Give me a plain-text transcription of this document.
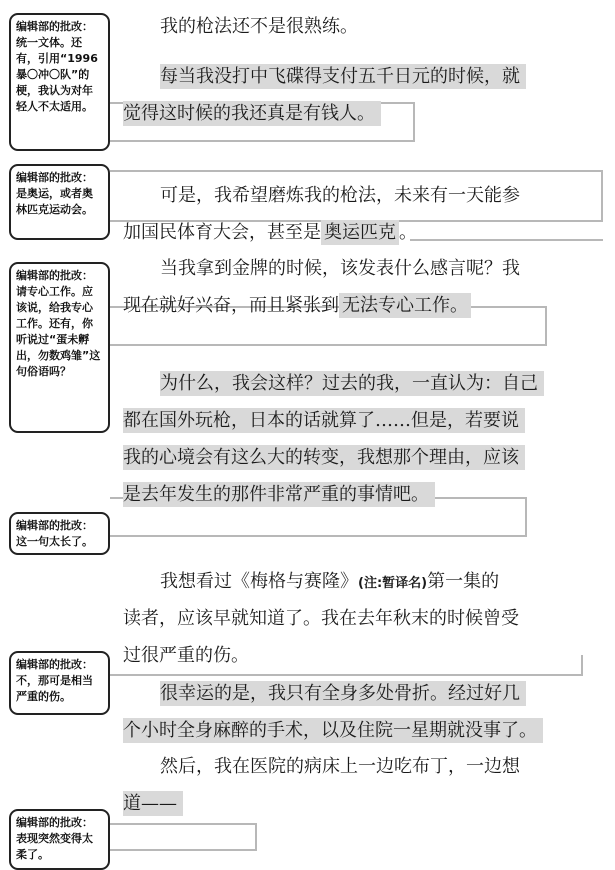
编辑部的批改：
统一文体。还有，引用“1996暴〇冲〇队”的梗，我认为对年轻人不太适用。
编辑部的批改：
是奥运，或者奥林匹克运动会。
编辑部的批改：
请专心工作。应该说，给我专心工作。还有，你听说过“蛋未孵出，勿数鸡雏”这句俗语吗？
编辑部的批改：
这一句太长了。
编辑部的批改：
不，那可是相当严重的伤。
编辑部的批改：
表现突然变得太柔了。
我的枪法还不是很熟练。
每当我没打中飞碟得支付五千日元的时候，就
觉得这时候的我还真是有钱人。
可是，我希望磨炼我的枪法，未来有一天能参
加国民体育大会，甚至是 奥运匹克 。
当我拿到金牌的时候，该发表什么感言呢？我
现在就好兴奋，而且紧张到 无法专心工作。
为什么，我会这样？过去的我，一直认为：自己
都在国外玩枪，日本的话就算了……但是，若要说
我的心境会有这么大的转变，我想那个理由，应该
是去年发生的那件非常严重的事情吧。
我想看过《梅格与赛隆》(注:暂译名)第一集的
读者，应该早就知道了。我在去年秋末的时候曾受
过很严重的伤。
很幸运的是，我只有全身多处骨折。经过好几
个小时全身麻醉的手术，以及住院一星期就没事了。
然后，我在医院的病床上一边吃布丁，一边想
道——
